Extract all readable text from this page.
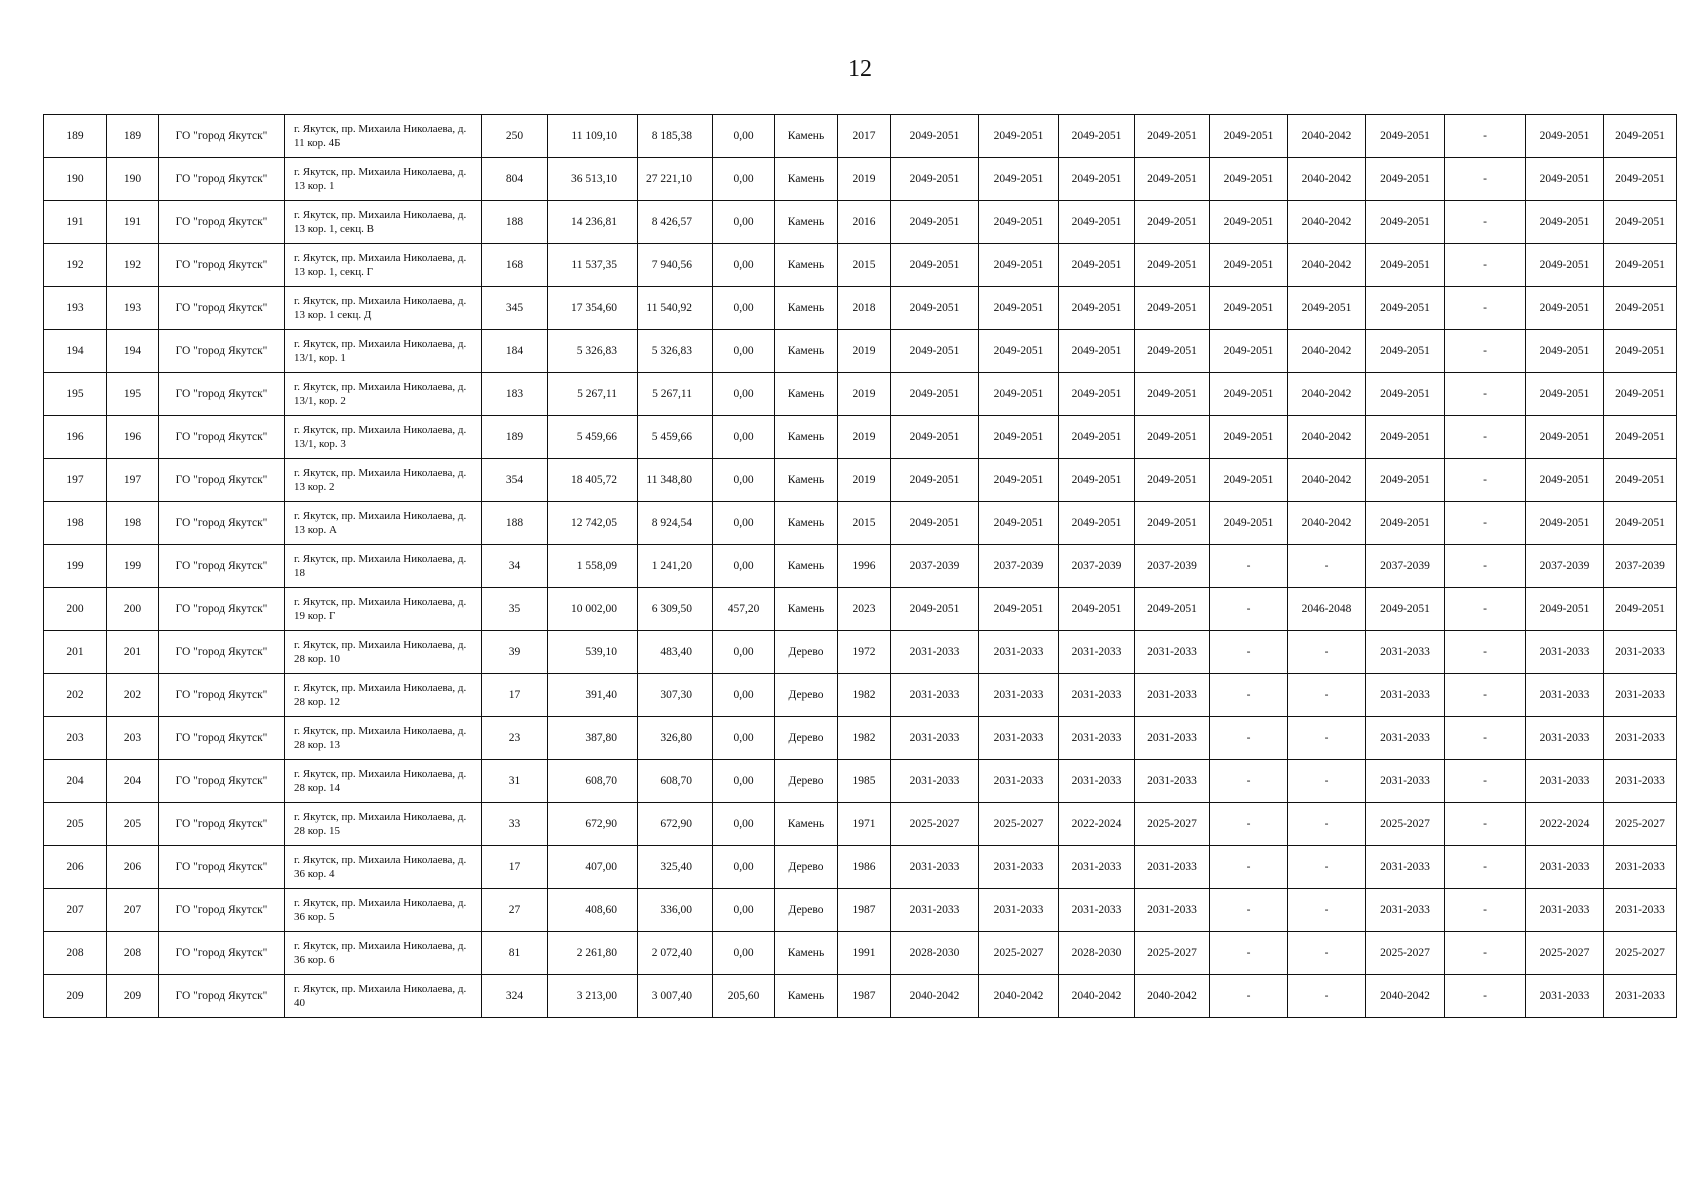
12
189	189	ГО "город Якутск"	г. Якутск, пр. Михаила Николаева, д. 11 кор. 4Б	250	11 109,10	8 185,38	0,00	Камень	2017	2049-2051	2049-2051	2049-2051	2049-2051	2049-2051	2040-2042	2049-2051	-	2049-2051	2049-2051
190	190	ГО "город Якутск"	г. Якутск, пр. Михаила Николаева, д. 13 кор. 1	804	36 513,10	27 221,10	0,00	Камень	2019	2049-2051	2049-2051	2049-2051	2049-2051	2049-2051	2040-2042	2049-2051	-	2049-2051	2049-2051
191	191	ГО "город Якутск"	г. Якутск, пр. Михаила Николаева, д. 13 кор. 1, секц. В	188	14 236,81	8 426,57	0,00	Камень	2016	2049-2051	2049-2051	2049-2051	2049-2051	2049-2051	2040-2042	2049-2051	-	2049-2051	2049-2051
192	192	ГО "город Якутск"	г. Якутск, пр. Михаила Николаева, д. 13 кор. 1, секц. Г	168	11 537,35	7 940,56	0,00	Камень	2015	2049-2051	2049-2051	2049-2051	2049-2051	2049-2051	2040-2042	2049-2051	-	2049-2051	2049-2051
193	193	ГО "город Якутск"	г. Якутск, пр. Михаила Николаева, д. 13 кор. 1 секц. Д	345	17 354,60	11 540,92	0,00	Камень	2018	2049-2051	2049-2051	2049-2051	2049-2051	2049-2051	2049-2051	2049-2051	-	2049-2051	2049-2051
194	194	ГО "город Якутск"	г. Якутск, пр. Михаила Николаева, д. 13/1, кор. 1	184	5 326,83	5 326,83	0,00	Камень	2019	2049-2051	2049-2051	2049-2051	2049-2051	2049-2051	2040-2042	2049-2051	-	2049-2051	2049-2051
195	195	ГО "город Якутск"	г. Якутск, пр. Михаила Николаева, д. 13/1, кор. 2	183	5 267,11	5 267,11	0,00	Камень	2019	2049-2051	2049-2051	2049-2051	2049-2051	2049-2051	2040-2042	2049-2051	-	2049-2051	2049-2051
196	196	ГО "город Якутск"	г. Якутск, пр. Михаила Николаева, д. 13/1, кор. 3	189	5 459,66	5 459,66	0,00	Камень	2019	2049-2051	2049-2051	2049-2051	2049-2051	2049-2051	2040-2042	2049-2051	-	2049-2051	2049-2051
197	197	ГО "город Якутск"	г. Якутск, пр. Михаила Николаева, д. 13 кор. 2	354	18 405,72	11 348,80	0,00	Камень	2019	2049-2051	2049-2051	2049-2051	2049-2051	2049-2051	2040-2042	2049-2051	-	2049-2051	2049-2051
198	198	ГО "город Якутск"	г. Якутск, пр. Михаила Николаева, д. 13 кор. А	188	12 742,05	8 924,54	0,00	Камень	2015	2049-2051	2049-2051	2049-2051	2049-2051	2049-2051	2040-2042	2049-2051	-	2049-2051	2049-2051
199	199	ГО "город Якутск"	г. Якутск, пр. Михаила Николаева, д. 18	34	1 558,09	1 241,20	0,00	Камень	1996	2037-2039	2037-2039	2037-2039	2037-2039	-	-	2037-2039	-	2037-2039	2037-2039
200	200	ГО "город Якутск"	г. Якутск, пр. Михаила Николаева, д. 19 кор. Г	35	10 002,00	6 309,50	457,20	Камень	2023	2049-2051	2049-2051	2049-2051	2049-2051	-	2046-2048	2049-2051	-	2049-2051	2049-2051
201	201	ГО "город Якутск"	г. Якутск, пр. Михаила Николаева, д. 28 кор. 10	39	539,10	483,40	0,00	Дерево	1972	2031-2033	2031-2033	2031-2033	2031-2033	-	-	2031-2033	-	2031-2033	2031-2033
202	202	ГО "город Якутск"	г. Якутск, пр. Михаила Николаева, д. 28 кор. 12	17	391,40	307,30	0,00	Дерево	1982	2031-2033	2031-2033	2031-2033	2031-2033	-	-	2031-2033	-	2031-2033	2031-2033
203	203	ГО "город Якутск"	г. Якутск, пр. Михаила Николаева, д. 28 кор. 13	23	387,80	326,80	0,00	Дерево	1982	2031-2033	2031-2033	2031-2033	2031-2033	-	-	2031-2033	-	2031-2033	2031-2033
204	204	ГО "город Якутск"	г. Якутск, пр. Михаила Николаева, д. 28 кор. 14	31	608,70	608,70	0,00	Дерево	1985	2031-2033	2031-2033	2031-2033	2031-2033	-	-	2031-2033	-	2031-2033	2031-2033
205	205	ГО "город Якутск"	г. Якутск, пр. Михаила Николаева, д. 28 кор. 15	33	672,90	672,90	0,00	Камень	1971	2025-2027	2025-2027	2022-2024	2025-2027	-	-	2025-2027	-	2022-2024	2025-2027
206	206	ГО "город Якутск"	г. Якутск, пр. Михаила Николаева, д. 36 кор. 4	17	407,00	325,40	0,00	Дерево	1986	2031-2033	2031-2033	2031-2033	2031-2033	-	-	2031-2033	-	2031-2033	2031-2033
207	207	ГО "город Якутск"	г. Якутск, пр. Михаила Николаева, д. 36 кор. 5	27	408,60	336,00	0,00	Дерево	1987	2031-2033	2031-2033	2031-2033	2031-2033	-	-	2031-2033	-	2031-2033	2031-2033
208	208	ГО "город Якутск"	г. Якутск, пр. Михаила Николаева, д. 36 кор. 6	81	2 261,80	2 072,40	0,00	Камень	1991	2028-2030	2025-2027	2028-2030	2025-2027	-	-	2025-2027	-	2025-2027	2025-2027
209	209	ГО "город Якутск"	г. Якутск, пр. Михаила Николаева, д. 40	324	3 213,00	3 007,40	205,60	Камень	1987	2040-2042	2040-2042	2040-2042	2040-2042	-	-	2040-2042	-	2031-2033	2031-2033
